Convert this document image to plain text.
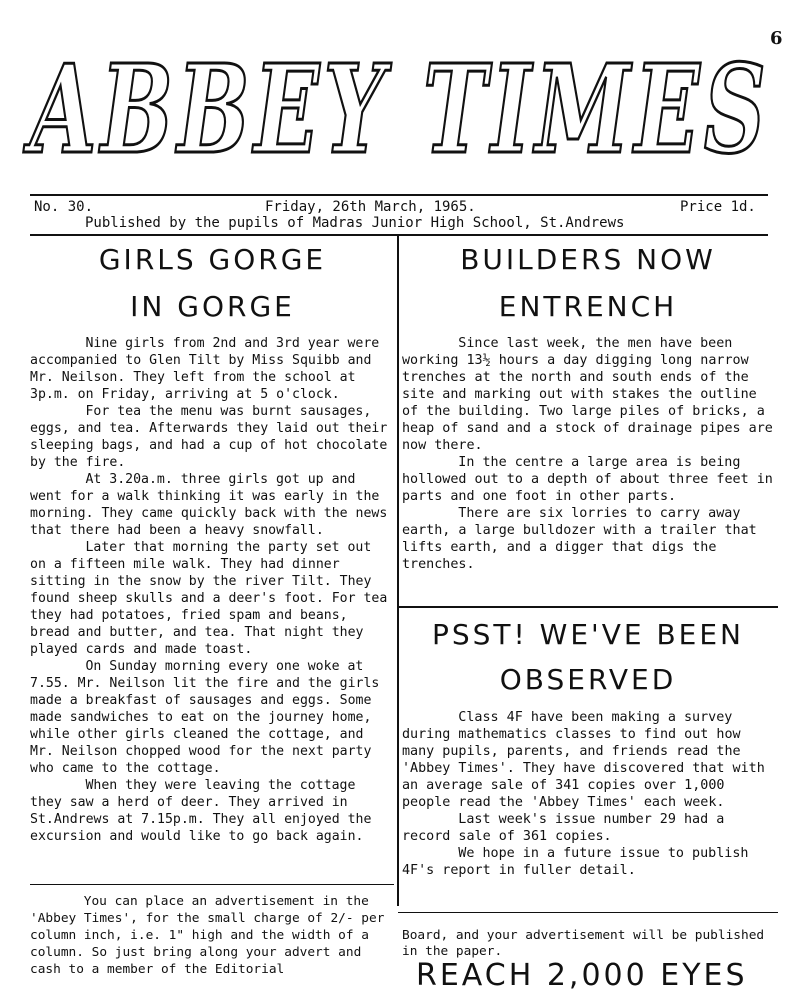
6
ABBEY TIMES
No. 30.	Friday, 26th March, 1965.	Price 1d.
Published by the pupils of Madras Junior High School, St.Andrews
GIRLS GORGE
IN GORGE

Nine girls from 2nd and 3rd year were accompanied to Glen Tilt by Miss Squibb and Mr. Neilson. They left from the school at 3p.m. on Friday, arriving at 5 o'clock.

For tea the menu was burnt sausages, eggs, and tea. Afterwards they laid out their sleeping bags, and had a cup of hot chocolate by the fire.

At 3.20a.m. three girls got up and went for a walk thinking it was early in the morning. They came quickly back with the news that there had been a heavy snowfall.

Later that morning the party set out on a fifteen mile walk. They had dinner sitting in the snow by the river Tilt. They found sheep skulls and a deer's foot. For tea they had potatoes, fried spam and beans, bread and butter, and tea. That night they played cards and made toast.

On Sunday morning every one woke at 7.55. Mr. Neilson lit the fire and the girls made a breakfast of sausages and eggs. Some made sandwiches to eat on the journey home, while other girls cleaned the cottage, and Mr. Neilson chopped wood for the next party who came to the cottage.

When they were leaving the cottage they saw a herd of deer. They arrived in St.Andrews at 7.15p.m. They all enjoyed the excursion and would like to go back again.

You can place an advertisement in the 'Abbey Times', for the small charge of 2/- per column inch, i.e. 1" high and the width of a column. So just bring along your advert and cash to a member of the Editorial

BUILDERS NOW
ENTRENCH

Since last week, the men have been working 13½ hours a day digging long narrow trenches at the north and south ends of the site and marking out with stakes the outline of the building. Two large piles of bricks, a heap of sand and a stock of drainage pipes are now there.

In the centre a large area is being hollowed out to a depth of about three feet in parts and one foot in other parts.

There are six lorries to carry away earth, a large bulldozer with a trailer that lifts earth, and a digger that digs the trenches.

PSST! WE'VE BEEN
OBSERVED

Class 4F have been making a survey during mathematics classes to find out how many pupils, parents, and friends read the 'Abbey Times'. They have discovered that with an average sale of 341 copies over 1,000 people read the 'Abbey Times' each week.

Last week's issue number 29 had a record sale of 361 copies.

We hope in a future issue to publish 4F's report in fuller detail.

Board, and your advertisement will be published in the paper.

REACH 2,000 EYES
